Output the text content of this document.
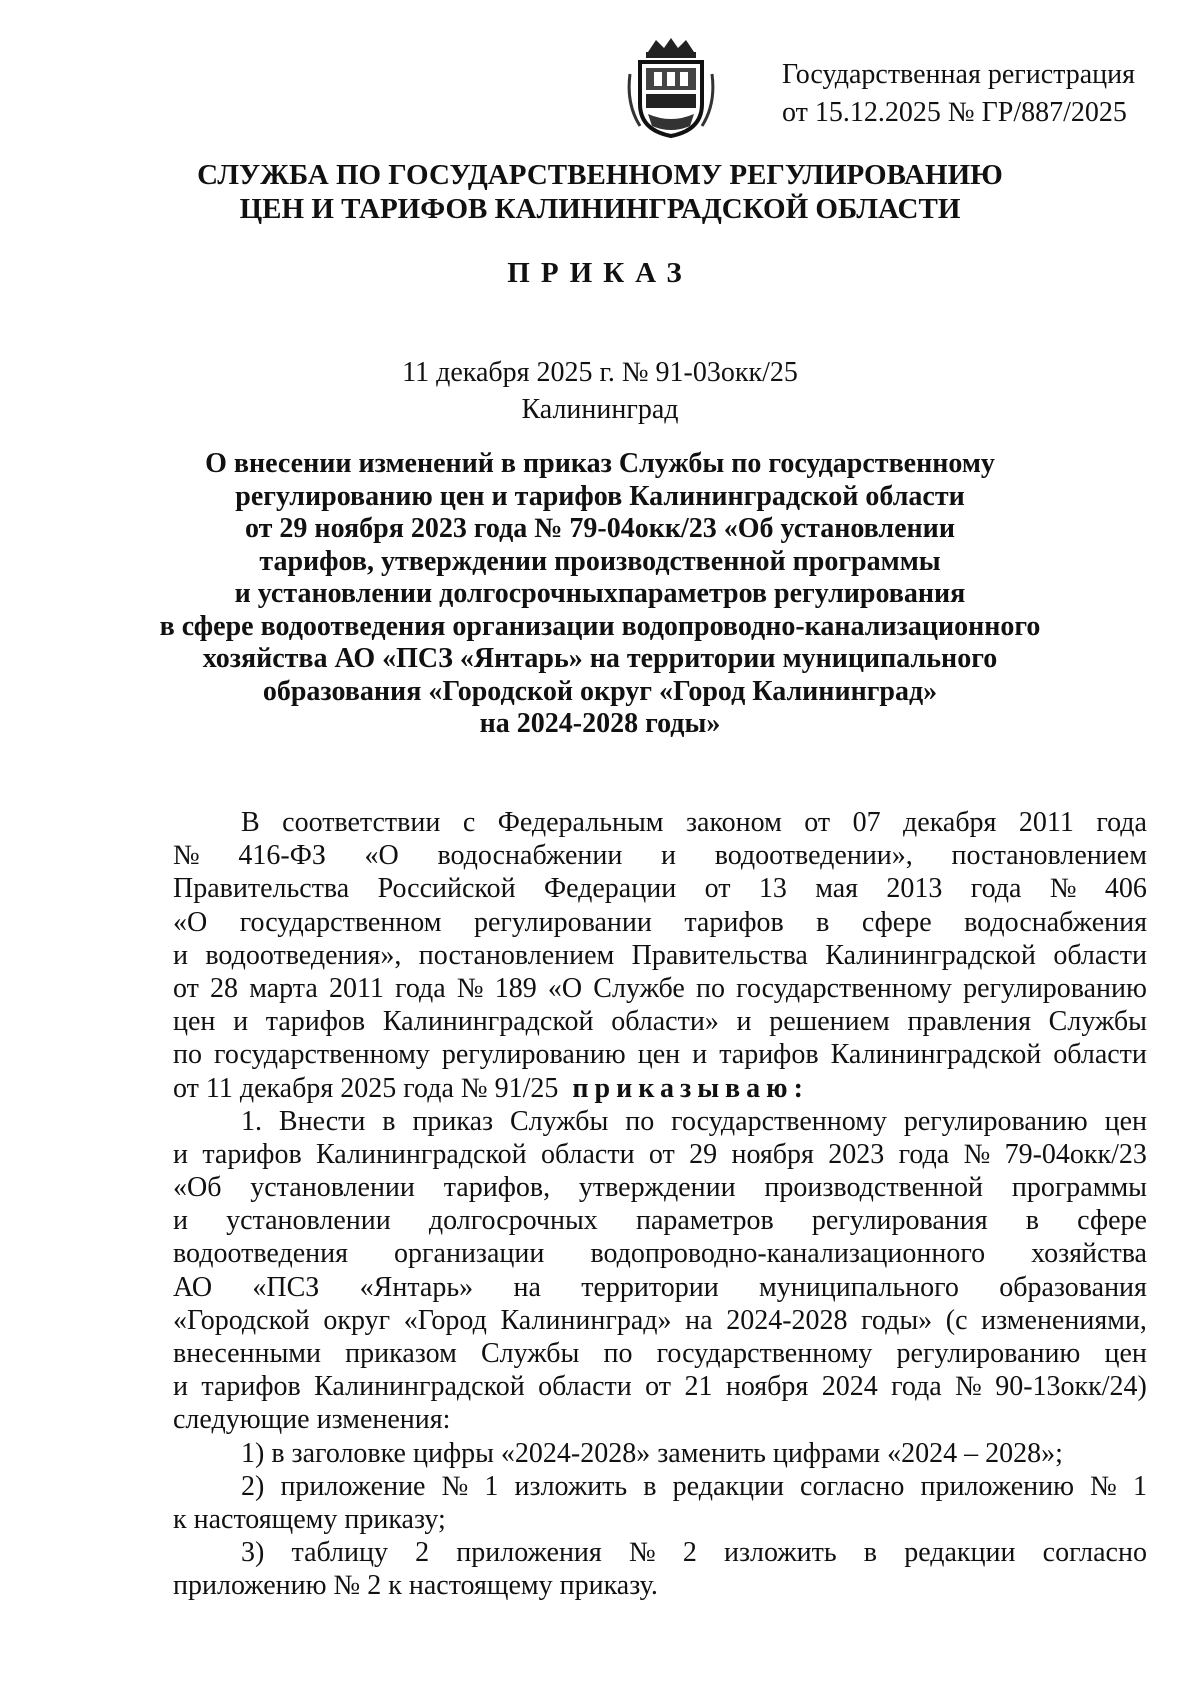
Государственная регистрация
от 15.12.2025 № ГР/887/2025
СЛУЖБА ПО ГОСУДАРСТВЕННОМУ РЕГУЛИРОВАНИЮ
ЦЕН И ТАРИФОВ КАЛИНИНГРАДСКОЙ ОБЛАСТИ
ПРИКАЗ
11 декабря 2025 г. № 91-03окк/25
Калининград
О внесении изменений в приказ Службы по государственному
регулированию цен и тарифов Калининградской области
от 29 ноября 2023 года № 79-04окк/23 «Об установлении
тарифов, утверждении производственной программы
и установлении долгосрочныхпараметров регулирования
в сфере водоотведения организации водопроводно-канализационного
хозяйства АО «ПСЗ «Янтарь» на территории муниципального
образования «Городской округ «Город Калининград»
на 2024-2028 годы»
В соответствии с Федеральным законом от 07 декабря 2011 года
№ 416-ФЗ «О водоснабжении и водоотведении», постановлением
Правительства Российской Федерации от 13 мая 2013 года № 406
«О государственном регулировании тарифов в сфере водоснабжения
и водоотведения», постановлением Правительства Калининградской области
от 28 марта 2011 года № 189 «О Службе по государственному регулированию
цен и тарифов Калининградской области» и решением правления Службы
по государственному регулированию цен и тарифов Калининградской области
от 11 декабря 2025 года № 91/25 приказываю:
1. Внести в приказ Службы по государственному регулированию цен
и тарифов Калининградской области от 29 ноября 2023 года № 79-04окк/23
«Об установлении тарифов, утверждении производственной программы
и установлении долгосрочных параметров регулирования в сфере
водоотведения организации водопроводно-канализационного хозяйства
АО «ПСЗ «Янтарь» на территории муниципального образования
«Городской округ «Город Калининград» на 2024-2028 годы» (с изменениями,
внесенными приказом Службы по государственному регулированию цен
и тарифов Калининградской области от 21 ноября 2024 года № 90-13окк/24)
следующие изменения:
1) в заголовке цифры «2024-2028» заменить цифрами «2024 – 2028»;
2) приложение № 1 изложить в редакции согласно приложению № 1
к настоящему приказу;
3) таблицу 2 приложения № 2 изложить в редакции согласно
приложению № 2 к настоящему приказу.
